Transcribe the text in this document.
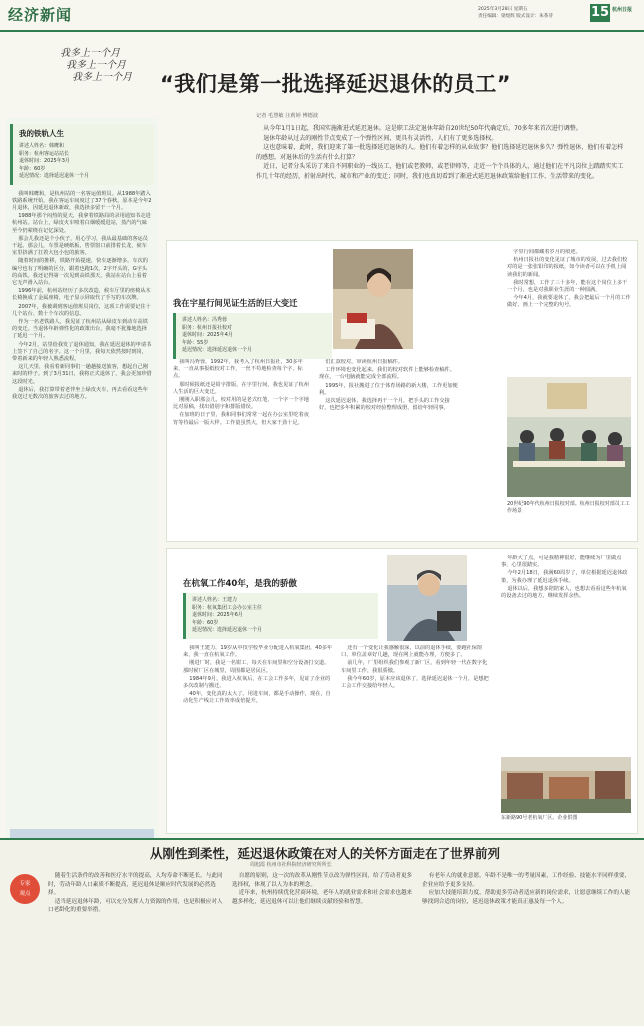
经济新闻	2025年3月28日 星期五
责任编辑：梁煜辉 版式设计：朱茶芽	15 杭州日报
我多上一个月
我多上一个月
我多上一个月 “我们是第一批选择延迟退休的员工”
记者 毛慧敏 汪莉婷 傅德波

从今年1月1日起，我国实施渐进式延迟退休。这是职工法定退休年龄自20世纪50年代确定后，70多年来首次进行调整。

退休年龄从过去的刚性节点变成了一个弹性区间，更具有灵活性，人们有了更多选择权。

这也意味着，此时，我们迎来了第一批选择延迟退休的人。他们有着怎样的从业故事？他们选择延迟退休多久？弹性退休，他们有着怎样的感想，对退休后的生活有什么打算？

近日，记者分头采访了来自不同职业的一线员工，他们或老教师，或老律师等，走近一个个具体的人，通过他们在平凡岗位上踏踏实实工作几十年的经历，折射出时代、城市和产业的变迁；同时，我们也真切看到了渐进式延迟退休政策给他们工作、生活带来的变化。

我的铁轨人生
讲述人姓名：韩鹰和
职务：杭州客运站站长
退休时间：2025年3月
年龄：60岁
延迟情况：选择延迟退休一个月

我叫韩鹰和，是杭州站的一名客运值班员。从1988年踏入铁路系统开始，我在客运车间度过了37个春秋。原本是今年2月退休，因延迟退休新政，我选择多留干一个月。

1988年那个闷热的夏天，我拿着铁路局的录用通知书走进杭州站。站台上，绿皮火车喷着白烟缓缓进站，蒸汽的气味至今仍萦绕在记忆深处。

那会儿我还是个小伙子，用心学习，我从最基础的客运员干起。那会儿，车票是硬纸板，售票窗口前排着长龙，候车室里挤满了扛着大包小包的旅客。

随着时间的推移，铁路开始提速，快车逐渐增多。车次的编号也有了明确的区分，跟着也跑1次，2字开头的，G字头的高铁。我还记得第一次见到高铁那天，我站在站台上看着它无声滑入站台。

1996年前，杭州站经历了多次改造，候车厅里的座椅从木长椅换成了金属座椅，电子显示屏取代了手写的车次牌。

2007年，我被调到客运值班员岗位，这项工作需要记住十几个站台、数十个车次的信息。

作为一名老铁路人，我见证了杭州站从绿皮车到动车高铁的变迁。当退休年龄弹性化的政策出台，我毫不犹豫地选择了延迟一个月。

今年2月，站里给我发了退休通知，我在延迟退休的申请书上签下了自己的名字。这一个月里，我每天依然按时到岗，带着新来的年轻人熟悉流程。

这几天里，我看着新同事们一趟趟接送旅客，想起自己刚来时的样子。到了3月31日，我将正式退休了，我会更加珍惜这段时光。

退休后，我打算带着老伴坐上绿皮火车，再去看看这些年我送过无数次的旅客去过的地方。

我在宇星行间见证生活的巨大变迁
讲述人姓名：冯秀蓉
职务：杭州日报社校对
退休时间：2025年4月
年龄：55岁
延迟情况：选择延迟退休一个月

我叫冯秀蓉，1992年，我考入了杭州日报社，30多年来，一直从事报纸校对工作，一丝不苟地检查每个字、标点。

那时候报纸还是铅字排版，在字里行间，我也见证了杭州人生活的巨大变迁。

刚刚入职那会儿，校对用的是老式红笔，一个字一个字地比对原稿，找出错别字和排版错误。

在加班的日子里，我和同事们常常一起在办公室里吃着夜宵等待最后一版大样。工作量虽然大，但大家干劲十足。

们汇款校对，审读杭州日报稿件。

工作环境也变化起来，我们的校对软件上能够检查稿件。现在，一台电脑就能完成全部流程。

1995年，报社搬进了位于体育场路的新大楼，工作更加便利。

这次延迟退休，我选择再干一个月，把手头的工作交接好，也把多年积累的校对经验整理成册，留给年轻同事。

字里行间都藏着岁月的痕迹。

杭州日报社的变化见证了城市的发展，过去我们校对的是一张张铅印的报纸，如今读者可以在手机上阅读我们的新闻。

我时常想，工作了三十多年，能在这个岗位上多干一个月，也是对我职业生涯的一种圆满。

今年4月，我就要退休了，我会把最后一个月的工作做好，画上一个完整的句号。

20世纪90年代杭州日报校对部。杭州日报校对部员工工作场景
在杭氧工作40年，是我的骄傲
讲述人姓名：王建力
职务：杭氧集团工会办公室主任
退休时间：2025年6月
年龄：60岁
延迟情况：选择延迟退休一个月

我叫王建力，19岁从中技学校毕业分配进入杭氧集团，40多年来，我一直在杭氧工作。

刚进厂时，我是一名钳工，每天在车间里和空分设备打交道。那时候厂区在城里，周围都是居民区。

1984年9月，我进入杭氧后，在工会工作多年，见证了企业的多次改制与搬迁。

40年，变化真的太大了。用进车间，都是手动操作，现在，自动化生产线让工作效率成倍提升。

还有一个变化让我感触很深，以前的退休手续，要跑社保窗口、单位盖章好几趟，现在网上就能办理，方便多了。

前几年，厂里组织我们参观了新厂区，看到年轻一代在数字化车间里工作，我很骄傲。

我今年60岁，原本应该退休了，选择延迟退休一个月，是想把工会工作交接给年轻人。

年龄大了点，可是我精神很好，能继续为厂里做点事，心里很踏实。

今年2月18日，我满60周岁了，单位根据延迟退休政策，为我办理了延迟退休手续。

退休以后，我想多陪陪家人，也想去看看这些年杭氧的设备去过的地方，继续发挥余热。

东新路90号老杭氧厂区。企业供图
从刚性到柔性，延迟退休政策在对人的关怀方面走在了世界前列
周旭霞 杭州市社科院经济研究所所长
专家
观点

随着生活条件的改善和医疗水平的提高，人均寿命不断延长，与此同时，劳动年龄人口素质不断提高，延迟退休是顺应时代发展的必然选择。

适当延迟退休年龄，可以充分发挥人力资源的作用，也是积极应对人口老龄化的重要举措。

自愿的原则，这一次的改革从刚性节点改为弹性区间，给了劳动者更多选择权，体现了以人为本的理念。

近年来，杭州持续优化营商环境，老年人的就业需求和社会需求也越来越多样化，延迟退休可以让他们继续贡献经验和智慧。

有老年人的就业意愿，年龄不是唯一的考量因素，工作经验、技能水平同样重要，企业应给予更多支持。

应加大技能培训力度，帮助更多劳动者适应新的岗位需求，让愿意继续工作的人能够找到合适的岗位，延迟退休政策才能真正惠及每一个人。
